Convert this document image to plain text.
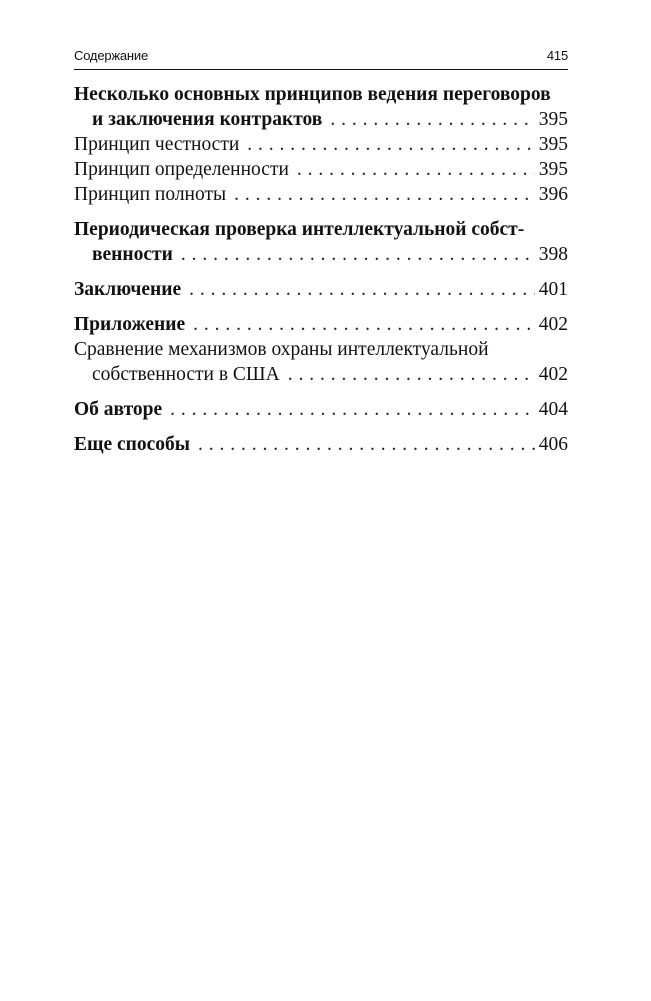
Содержание	415
Несколько основных принципов ведения переговоров
и заключения контрактов . . .	395
Принцип честности . . .	395
Принцип определенности . . .	395
Принцип полноты . . .	396
Периодическая проверка интеллектуальной собст-
венности . . .	398
Заключение . . .	401
Приложение . . .	402
Сравнение механизмов охраны интеллектуальной
собственности в США . . .	402
Об авторе . . .	404
Еще способы . . .	406
